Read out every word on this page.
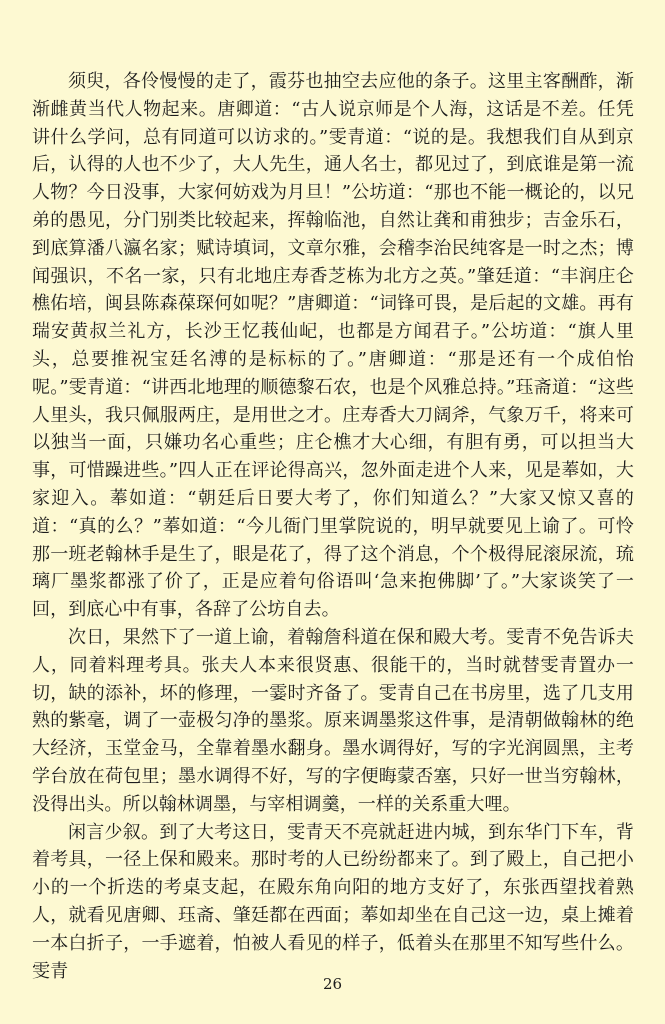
须臾，各伶慢慢的走了，霞芬也抽空去应他的条子。这里主客酬酢，渐渐雌黄当代人物起来。唐卿道：“古人说京师是个人海，这话是不差。任凭讲什么学问，总有同道可以访求的。”雯青道：“说的是。我想我们自从到京后，认得的人也不少了，大人先生，通人名士，都见过了，到底谁是第一流人物？今日没事，大家何妨戏为月旦！”公坊道：“那也不能一概论的，以兄弟的愚见，分门别类比较起来，挥翰临池，自然让龚和甫独步；吉金乐石，到底算潘八瀛名家；赋诗填词，文章尔雅，会稽李治民纯客是一时之杰；博闻强识，不名一家，只有北地庄寿香芝栋为北方之英。”肇廷道：“丰润庄仑樵佑培，闽县陈森葆琛何如呢？”唐卿道：“词锋可畏，是后起的文雄。再有瑞安黄叔兰礼方，长沙王忆莪仙屺，也都是方闻君子。”公坊道：“旗人里头，总要推祝宝廷名溥的是标标的了。”唐卿道：“那是还有一个成伯怡呢。”雯青道：“讲西北地理的顺德黎石农，也是个风雅总持。”珏斋道：“这些人里头，我只佩服两庄，是用世之才。庄寿香大刀阔斧，气象万千，将来可以独当一面，只嫌功名心重些；庄仑樵才大心细，有胆有勇，可以担当大事，可惜躁进些。”四人正在评论得高兴，忽外面走进个人来，见是菶如，大家迎入。菶如道：“朝廷后日要大考了，你们知道么？”大家又惊又喜的道：“真的么？”菶如道：“今儿衙门里掌院说的，明早就要见上谕了。可怜那一班老翰林手是生了，眼是花了，得了这个消息，个个极得屁滚尿流，琉璃厂墨浆都涨了价了，正是应着句俗语叫‘急来抱佛脚’了。”大家谈笑了一回，到底心中有事，各辞了公坊自去。

次日，果然下了一道上谕，着翰詹科道在保和殿大考。雯青不免告诉夫人，同着料理考具。张夫人本来很贤惠、很能干的，当时就替雯青置办一切，缺的添补，坏的修理，一霎时齐备了。雯青自己在书房里，选了几支用熟的紫毫，调了一壶极匀净的墨浆。原来调墨浆这件事，是清朝做翰林的绝大经济，玉堂金马，全靠着墨水翻身。墨水调得好，写的字光润圆黑，主考学台放在荷包里；墨水调得不好，写的字便晦蒙否塞，只好一世当穷翰林，没得出头。所以翰林调墨，与宰相调羹，一样的关系重大哩。

闲言少叙。到了大考这日，雯青天不亮就赶进内城，到东华门下车，背着考具，一径上保和殿来。那时考的人已纷纷都来了。到了殿上，自己把小小的一个折迭的考桌支起，在殿东角向阳的地方支好了，东张西望找着熟人，就看见唐卿、珏斋、肇廷都在西面；菶如却坐在自己这一边，桌上摊着一本白折子，一手遮着，怕被人看见的样子，低着头在那里不知写些什么。雯青

26
